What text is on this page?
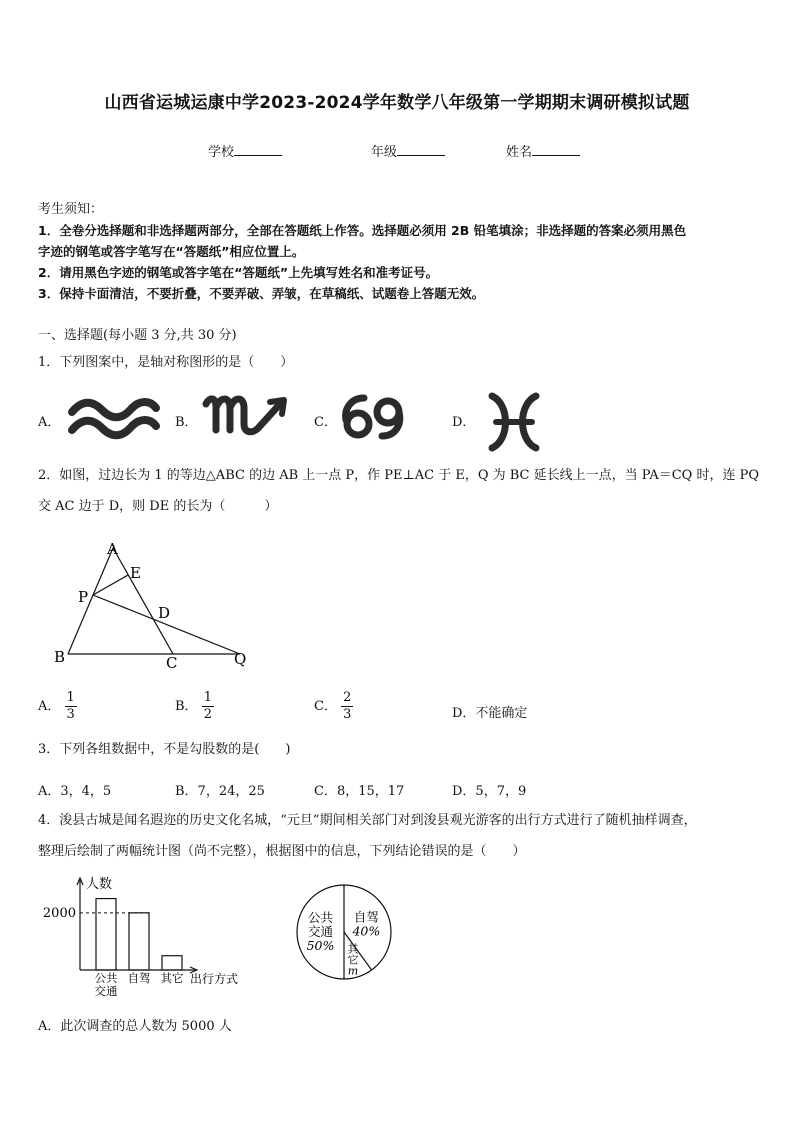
山西省运城运康中学2023-2024学年数学八年级第一学期期末调研模拟试题
学校	年级	姓名
考生须知：
1．全卷分选择题和非选择题两部分，全部在答题纸上作答。选择题必须用 2B 铅笔填涂；非选择题的答案必须用黑色
字迹的钢笔或答字笔写在“答题纸”相应位置上。
2．请用黑色字迹的钢笔或答字笔在“答题纸”上先填写姓名和准考证号。
3．保持卡面清洁，不要折叠，不要弄破、弄皱，在草稿纸、试题卷上答题无效。
一、选择题(每小题 3 分,共 30 分)
1．下列图案中，是轴对称图形的是（　　）
A．	B．	C．	D．
2．如图，过边长为 1 的等边△ABC 的边 AB 上一点 P，作 PE⊥AC 于 E，Q 为 BC 延长线上一点，当 PA＝CQ 时，连 PQ
交 AC 边于 D，则 DE 的长为（　　　）
A
E
P
D
B	C	Q
A． $\frac{1}{3}$	B． $\frac{1}{2}$	C． $\frac{2}{3}$	D．不能确定
3．下列各组数据中，不是勾股数的是(　　)
A．3，4，5	B．7，24，25	C．8，15，17	D．5，7，9
4．浚县古城是闻名遐迩的历史文化名城，“元旦”期间相关部门对到浚县观光游客的出行方式进行了随机抽样调查，
整理后绘制了两幅统计图（尚不完整），根据图中的信息，下列结论错误的是（　　）
人数
出行方式
公共
交通
自驾 其它
2000	自驾
40%
其
它
m
公共
交通
50%
A．此次调查的总人数为 5000 人
